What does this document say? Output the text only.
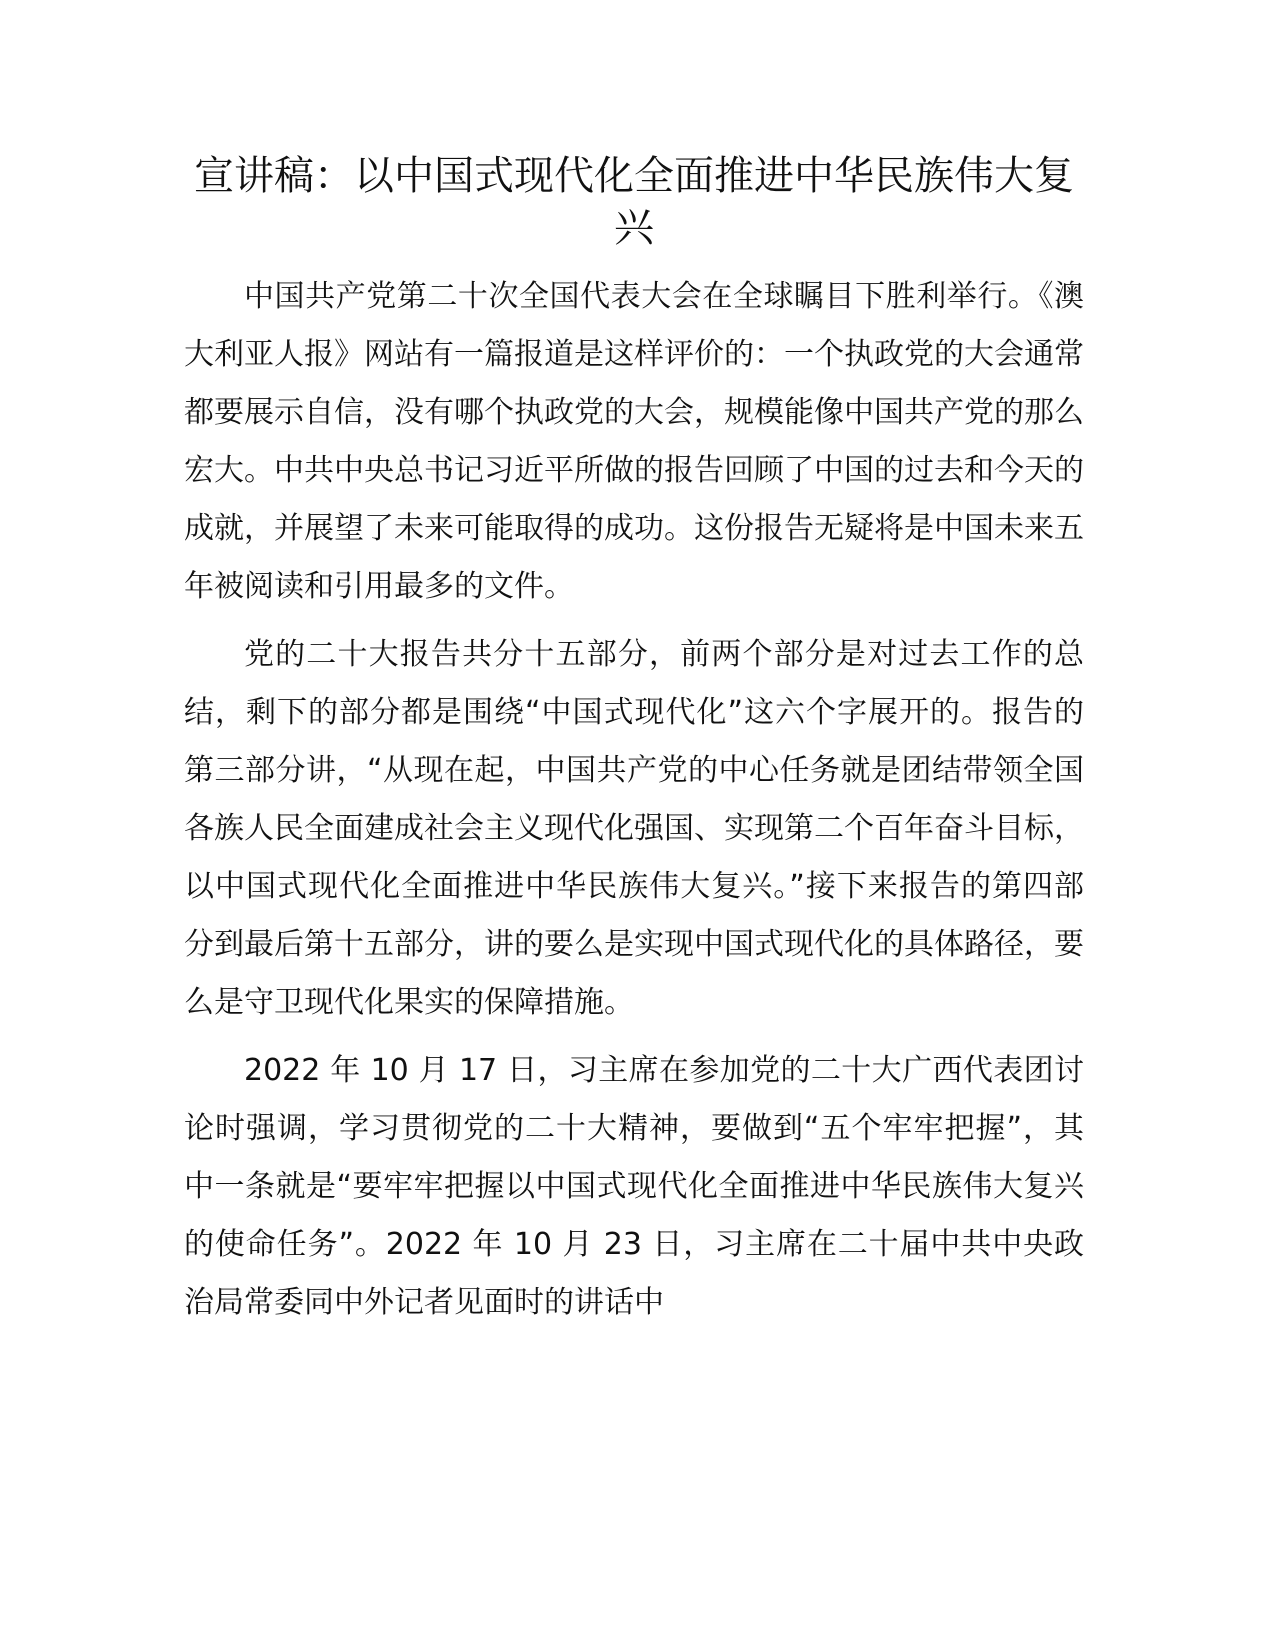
宣讲稿：以中国式现代化全面推进中华民族伟大复兴

中国共产党第二十次全国代表大会在全球瞩目下胜利举行。《澳大利亚人报》网站有一篇报道是这样评价的：一个执政党的大会通常都要展示自信，没有哪个执政党的大会，规模能像中国共产党的那么宏大。中共中央总书记习近平所做的报告回顾了中国的过去和今天的成就，并展望了未来可能取得的成功。这份报告无疑将是中国未来五年被阅读和引用最多的文件。

党的二十大报告共分十五部分，前两个部分是对过去工作的总结，剩下的部分都是围绕“中国式现代化”这六个字展开的。报告的第三部分讲，“从现在起，中国共产党的中心任务就是团结带领全国各族人民全面建成社会主义现代化强国、实现第二个百年奋斗目标，以中国式现代化全面推进中华民族伟大复兴。”接下来报告的第四部分到最后第十五部分，讲的要么是实现中国式现代化的具体路径，要么是守卫现代化果实的保障措施。

2022 年 10 月 17 日，习主席在参加党的二十大广西代表团讨论时强调，学习贯彻党的二十大精神，要做到“五个牢牢把握”，其中一条就是“要牢牢把握以中国式现代化全面推进中华民族伟大复兴的使命任务”。2022 年 10 月 23 日，习主席在二十届中共中央政治局常委同中外记者见面时的讲话中
